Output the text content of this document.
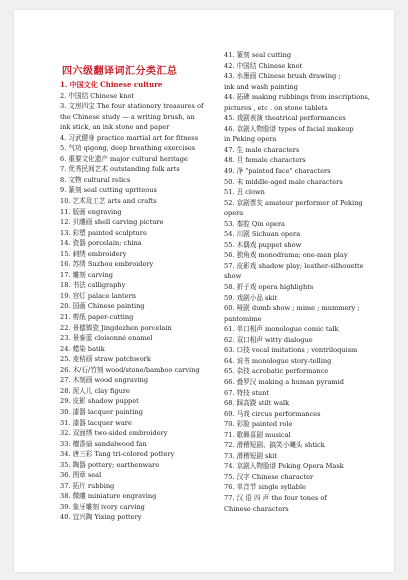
四六级翻译词汇分类汇总
1. 中国文化 Chinese culture
2. 中国结 Chinese knot
3. 文房四宝 The four stationery treasures of
the Chinese study — a writing brush, an
ink stick, an ink stone and paper
4. 习武健身 practice martial art for fitness
5. 气功 qigong, deep breathing exercises
6. 重要文化遗产 major cultural heritage
7. 优秀民间艺术 outstanding folk arts
8. 文物 cultural relics
9. 篆刻 seal cutting upriteous
10. 艺术及工艺 arts and crafts
11. 版画 engraving
12. 贝雕画 shell carving picture
13. 彩塑 painted sculpture
14. 瓷器 porcelain; china
15. 刺绣 embroidery
16. 苏绣 Suzhou embroidery
17. 雕刻 carving
18. 书法 calligraphy
19. 宫灯 palace lantern
20. 国画 Chinese painting
21. 剪纸 paper-cutting
22. 景德镇瓷 Jingdezhen porcelain
23. 景泰蓝 cloisonné enamel
24. 蜡染 batik
25. 麦秸画 straw patchwork
26. 木/石/竹刻 wood/stone/bamboo carving
27. 木刻画 wood engraving
28. 泥人儿 clay figure
29. 皮影 shadow puppet
30. 漆器 lacquer painting
31. 漆器 lacquer ware
32. 双面绣 two-sided embroidery
33. 檀香扇 sandalwood fan
34. 唐三彩 Tang tri-colored pottery
35. 陶器 pottery; earthenware
36. 图章 seal
37. 拓片 rubbing
38. 微雕 miniature engraving
39. 象牙雕刻 ivory carving
40. 宜兴陶 Yixing pottery
41. 篆刻 seal cutting
42. 中国结 Chinese knot
43. 水墨画 Chinese brush drawing ;
ink and wash painting
44. 拓碑 making rubbings from inscriptions,
pictures , etc . on stone tablets
45. 戏剧表演 theatrical performances
46. 京剧人物脸谱 types of facial makeup
in Peking opera
47. 生 male characters
48. 旦 female characters
49. 净 "painted face" characters
50. 末 middle-aged male characters
51. 丑 clown
52. 京剧票友 amateur performer of Peking
opera
53. 秦腔 Qin opera
54. 川剧 Sichuan opera
55. 木偶戏 puppet show
56. 独角戏 monodrama; one-man play
57. 皮影戏 shadow play; leather-silhouette
show
58. 折子戏 opera highlights
59. 戏剧小品 skit
60. 哑剧 dumb show ; mime ; mummery ;
pantomime
61. 单口相声 monologue comic talk
62. 双口相声 witty dialogue
63. 口技 vocal imitations ; ventriloquism
64. 说书 monologue story-telling
65. 杂技 acrobatic performance
66. 叠罗汉 making a human pyramid
67. 特技 stunt
68. 踩高跷 stilt walk
69. 马戏 circus performances
70. 彩脸 painted role
71. 歌舞喜剧 musical
72. 滑稽短剧、搞笑小曦头 shtick
73. 滑稽短剧 skit
74. 京剧人物脸谱 Peking Opera Mask
75. 汉字 Chinese character
76. 单音节 single syllable
77. 汉 语 四 声 the four tones of
Chinese characters
